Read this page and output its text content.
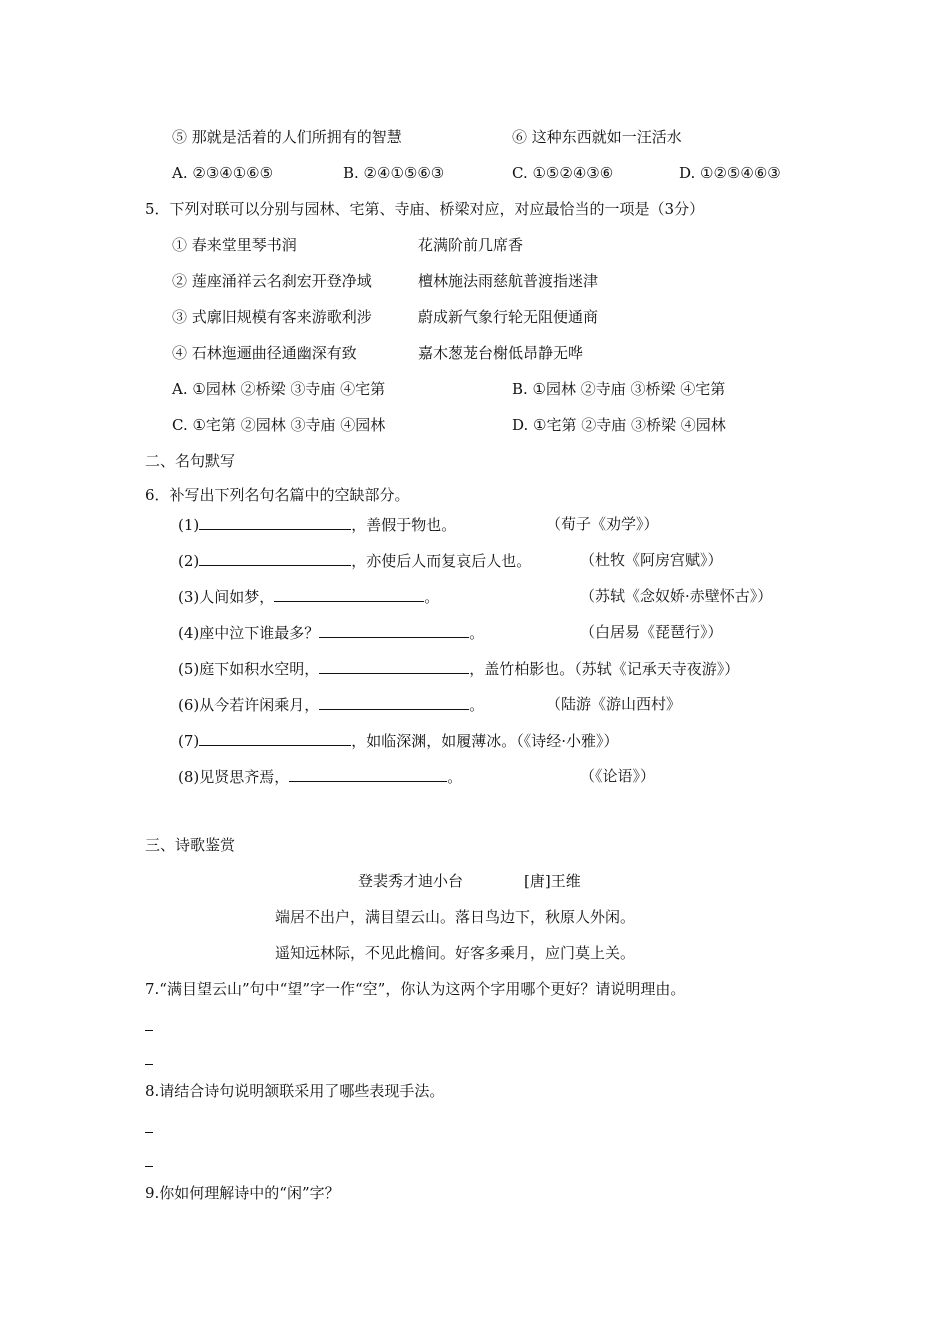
⑤ 那就是活着的人们所拥有的智慧	⑥ 这种东西就如一汪活水
A. ②③④①⑥⑤	B. ②④①⑤⑥③	C. ①⑤②④③⑥	D. ①②⑤④⑥③
5．下列对联可以分别与园林、宅第、寺庙、桥梁对应，对应最恰当的一项是（3分）
① 春来堂里琴书润	花满阶前几席香
② 莲座涌祥云名刹宏开登净域	檀林施法雨慈航普渡指迷津
③ 式廓旧规模有客来游歌利涉	蔚成新气象行轮无阻便通商
④ 石林迤逦曲径通幽深有致	嘉木葱茏台榭低昂静无哗
A. ①园林 ②桥梁 ③寺庙 ④宅第	B. ①园林 ②寺庙 ③桥梁 ④宅第
C. ①宅第 ②园林 ③寺庙 ④园林	D. ①宅第 ②寺庙 ③桥梁 ④园林
二、名句默写
6．补写出下列名句名篇中的空缺部分。
(1)	，善假于物也。	（荀子《劝学》）
(2)	，亦使后人而复哀后人也。	（杜牧《阿房宫赋》）
(3)人间如梦，	。	（苏轼《念奴娇·赤壁怀古》）
(4)座中泣下谁最多？	。	（白居易《琵琶行》）
(5)庭下如积水空明，	，盖竹柏影也。（苏轼《记承天寺夜游》）
(6)从今若许闲乘月，	。	（陆游《游山西村》
(7)	，如临深渊，如履薄冰。（《诗经·小雅》）
(8)见贤思齐焉，	。	（《论语》）
三、诗歌鉴赏
登裴秀才迪小台	[唐]王维
端居不出户，满目望云山。落日鸟边下，秋原人外闲。
遥知远林际，不见此檐间。好客多乘月，应门莫上关。
7.“满目望云山”句中“望”字一作“空”，你认为这两个字用哪个更好？请说明理由。
8.请结合诗句说明颔联采用了哪些表现手法。
9.你如何理解诗中的“闲”字？
